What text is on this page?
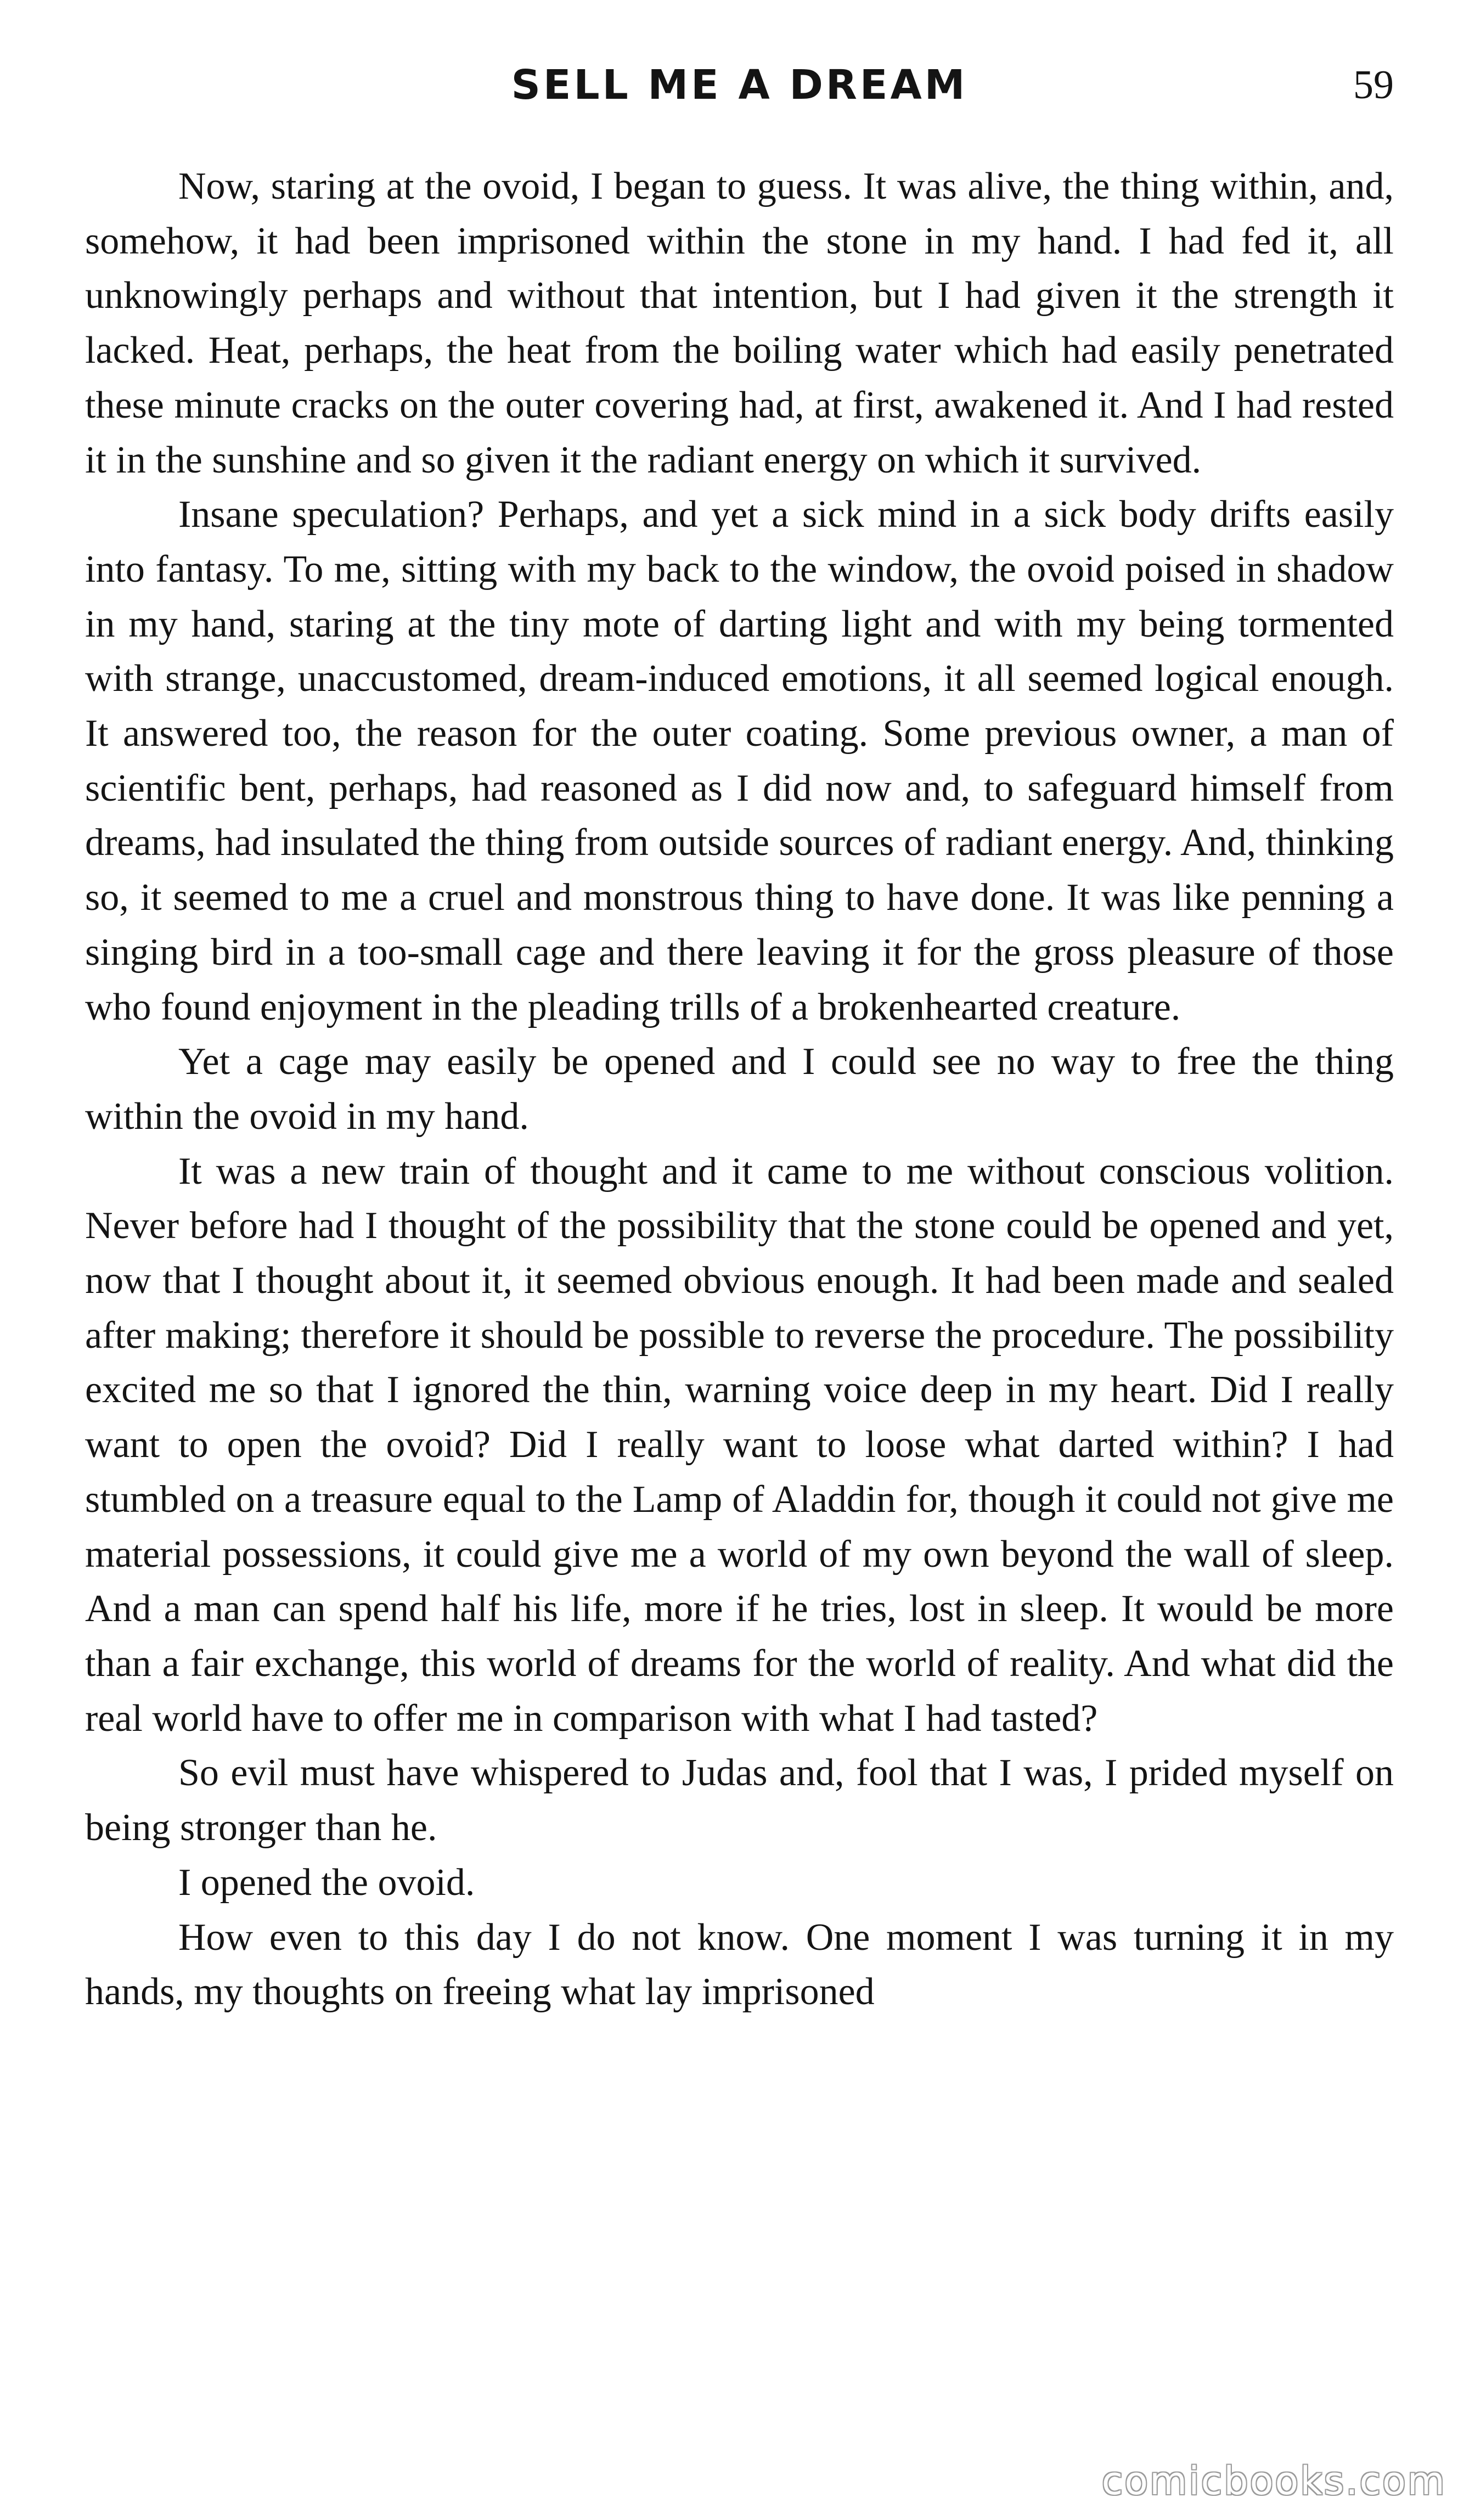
SELL ME A DREAM	59

Now, staring at the ovoid, I began to guess. It was alive, the thing within, and, somehow, it had been imprisoned within the stone in my hand. I had fed it, all unknowingly perhaps and without that intention, but I had given it the strength it lacked. Heat, perhaps, the heat from the boiling water which had easily penetrated these minute cracks on the outer covering had, at first, awakened it. And I had rested it in the sunshine and so given it the radiant energy on which it survived.

Insane speculation? Perhaps, and yet a sick mind in a sick body drifts easily into fantasy. To me, sitting with my back to the window, the ovoid poised in shadow in my hand, staring at the tiny mote of darting light and with my being tormented with strange, unaccustomed, dream-induced emotions, it all seemed logical enough. It answered too, the reason for the outer coating. Some previous owner, a man of scientific bent, perhaps, had reasoned as I did now and, to safeguard himself from dreams, had insulated the thing from outside sources of radiant energy. And, thinking so, it seemed to me a cruel and monstrous thing to have done. It was like penning a singing bird in a too-small cage and there leaving it for the gross pleasure of those who found enjoyment in the pleading trills of a brokenhearted creature.

Yet a cage may easily be opened and I could see no way to free the thing within the ovoid in my hand.

It was a new train of thought and it came to me without conscious volition. Never before had I thought of the possibility that the stone could be opened and yet, now that I thought about it, it seemed obvious enough. It had been made and sealed after making; therefore it should be possible to reverse the procedure. The possibility excited me so that I ignored the thin, warning voice deep in my heart. Did I really want to open the ovoid? Did I really want to loose what darted within? I had stumbled on a treasure equal to the Lamp of Aladdin for, though it could not give me material possessions, it could give me a world of my own beyond the wall of sleep. And a man can spend half his life, more if he tries, lost in sleep. It would be more than a fair exchange, this world of dreams for the world of reality. And what did the real world have to offer me in comparison with what I had tasted?

So evil must have whispered to Judas and, fool that I was, I prided myself on being stronger than he.

I opened the ovoid.

How even to this day I do not know. One moment I was turning it in my hands, my thoughts on freeing what lay imprisoned

comicbooks.com
